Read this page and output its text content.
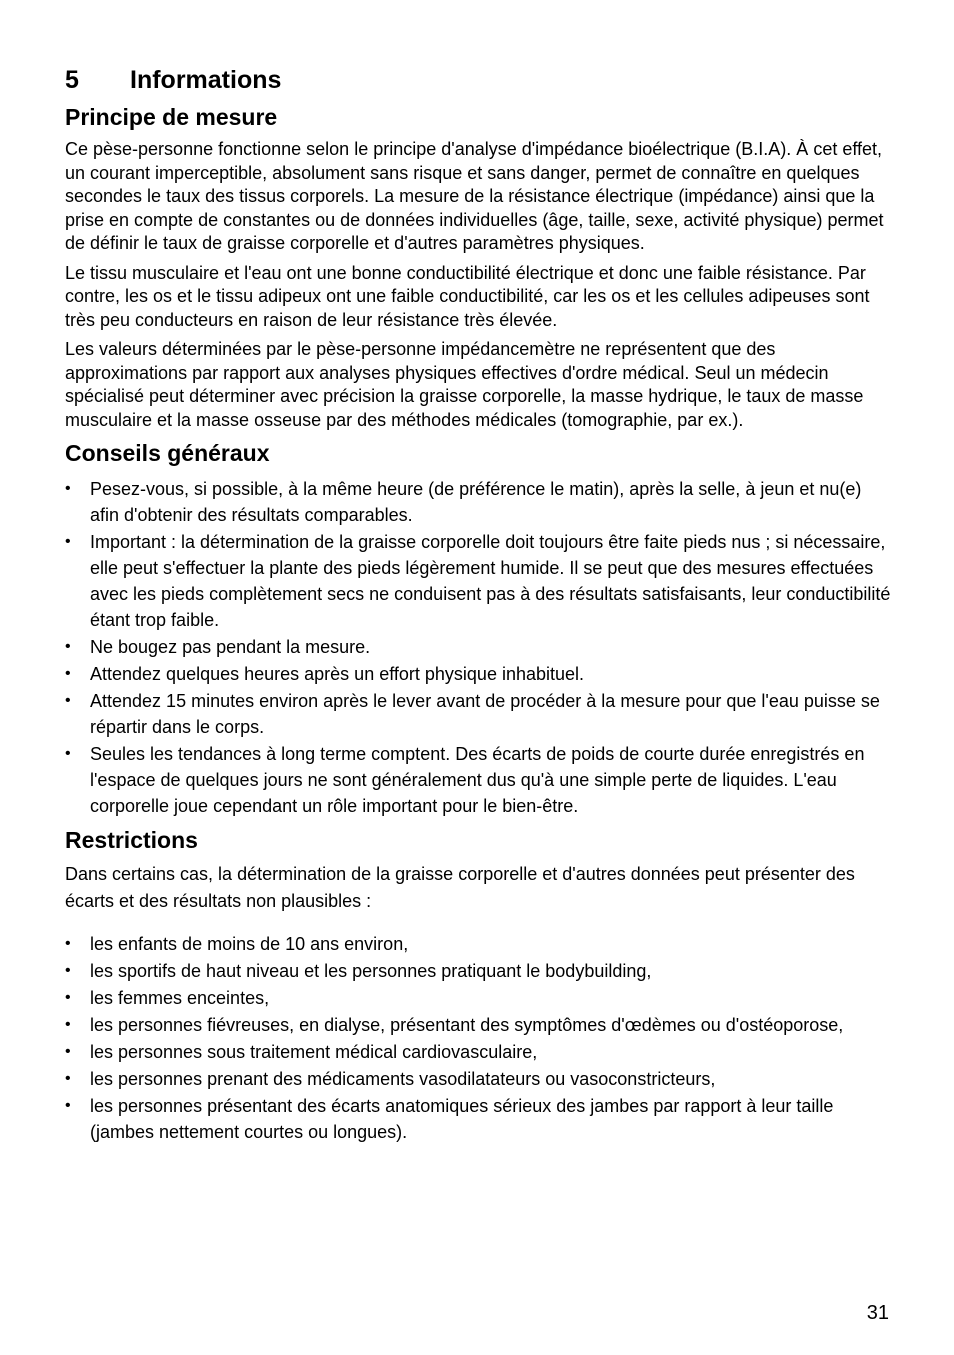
5	Informations
Principe de mesure

Ce pèse-personne fonctionne selon le principe d'analyse d'impédance bioélectrique (B.I.A). À cet effet, un courant imperceptible, absolument sans risque et sans danger, permet de connaître en quelques secondes le taux des tissus corporels. La mesure de la résistance électrique (impédance) ainsi que la prise en compte de constantes ou de données individuelles (âge, taille, sexe, activité physique) permet de définir le taux de graisse corporelle et d'autres paramètres physiques.

Le tissu musculaire et l'eau ont une bonne conductibilité électrique et donc une faible résistance. Par contre, les os et le tissu adipeux ont une faible conductibilité, car les os et les cellules adipeuses sont très peu conducteurs en raison de leur résistance très élevée.

Les valeurs déterminées par le pèse-personne impédancemètre ne représentent que des approximations par rapport aux analyses physiques effectives d'ordre médical. Seul un médecin spécialisé peut déterminer avec précision la graisse corporelle, la masse hydrique, le taux de masse musculaire et la masse osseuse par des méthodes médicales (tomographie, par ex.).

Conseils généraux
• Pesez-vous, si possible, à la même heure (de préférence le matin), après la selle, à jeun et nu(e) afin d'obtenir des résultats comparables.
• Important : la détermination de la graisse corporelle doit toujours être faite pieds nus ; si nécessaire, elle peut s'effectuer la plante des pieds légèrement humide. Il se peut que des mesures effectuées avec les pieds complètement secs ne conduisent pas à des résultats satisfaisants, leur conductibilité étant trop faible.
• Ne bougez pas pendant la mesure.
• Attendez quelques heures après un effort physique inhabituel.
• Attendez 15 minutes environ après le lever avant de procéder à la mesure pour que l'eau puisse se répartir dans le corps.
• Seules les tendances à long terme comptent. Des écarts de poids de courte durée enregistrés en l'espace de quelques jours ne sont généralement dus qu'à une simple perte de liquides. L'eau corporelle joue cependant un rôle important pour le bien-être.
Restrictions

Dans certains cas, la détermination de la graisse corporelle et d'autres données peut présenter des écarts et des résultats non plausibles :

• les enfants de moins de 10 ans environ,
• les sportifs de haut niveau et les personnes pratiquant le bodybuilding,
• les femmes enceintes,
• les personnes fiévreuses, en dialyse, présentant des symptômes d'œdèmes ou d'ostéoporose,
• les personnes sous traitement médical cardiovasculaire,
• les personnes prenant des médicaments vasodilatateurs ou vasoconstricteurs,
• les personnes présentant des écarts anatomiques sérieux des jambes par rapport à leur taille (jambes nettement courtes ou longues).
31
